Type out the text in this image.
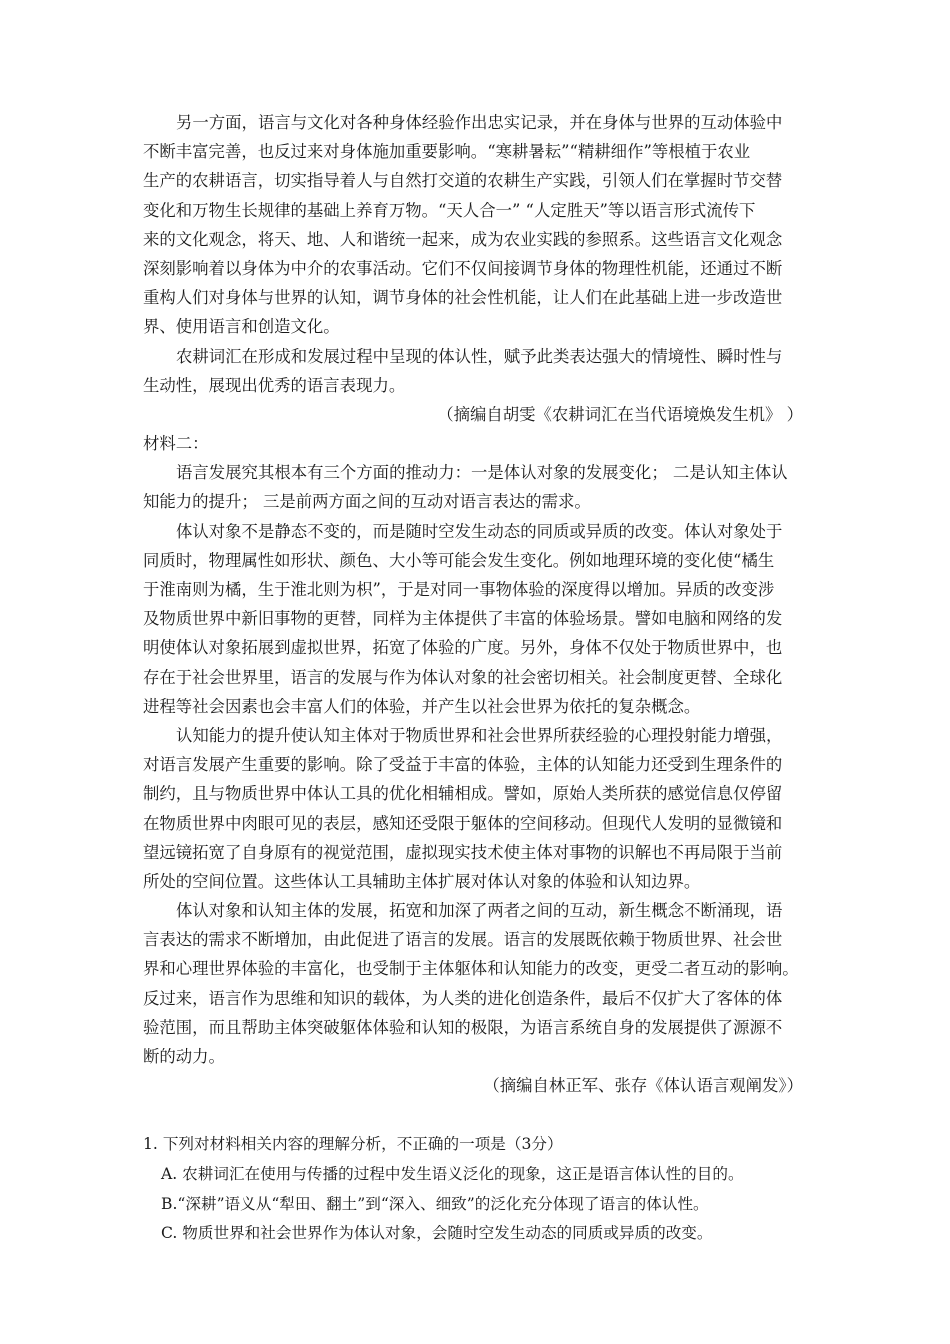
另一方面，语言与文化对各种身体经验作出忠实记录，并在身体与世界的互动体验中
不断丰富完善，也反过来对身体施加重要影响。“寒耕暑耘”“精耕细作”等根植于农业
生产的农耕语言，切实指导着人与自然打交道的农耕生产实践，引领人们在掌握时节交替
变化和万物生长规律的基础上养育万物。“天人合一” “人定胜天”等以语言形式流传下
来的文化观念，将天、地、人和谐统一起来，成为农业实践的参照系。这些语言文化观念
深刻影响着以身体为中介的农事活动。它们不仅间接调节身体的物理性机能，还通过不断
重构人们对身体与世界的认知，调节身体的社会性机能，让人们在此基础上进一步改造世
界、使用语言和创造文化。
农耕词汇在形成和发展过程中呈现的体认性，赋予此类表达强大的情境性、瞬时性与
生动性，展现出优秀的语言表现力。
（摘编自胡雯《农耕词汇在当代语境焕发生机》 ）
材料二：
语言发展究其根本有三个方面的推动力：一是体认对象的发展变化； 二是认知主体认
知能力的提升； 三是前两方面之间的互动对语言表达的需求。
体认对象不是静态不变的，而是随时空发生动态的同质或异质的改变。体认对象处于
同质时，物理属性如形状、颜色、大小等可能会发生变化。例如地理环境的变化使“橘生
于淮南则为橘，生于淮北则为枳”，于是对同一事物体验的深度得以增加。异质的改变涉
及物质世界中新旧事物的更替，同样为主体提供了丰富的体验场景。譬如电脑和网络的发
明使体认对象拓展到虚拟世界，拓宽了体验的广度。另外，身体不仅处于物质世界中，也
存在于社会世界里，语言的发展与作为体认对象的社会密切相关。社会制度更替、全球化
进程等社会因素也会丰富人们的体验，并产生以社会世界为依托的复杂概念。
认知能力的提升使认知主体对于物质世界和社会世界所获经验的心理投射能力增强，
对语言发展产生重要的影响。除了受益于丰富的体验，主体的认知能力还受到生理条件的
制约，且与物质世界中体认工具的优化相辅相成。譬如，原始人类所获的感觉信息仅停留
在物质世界中肉眼可见的表层，感知还受限于躯体的空间移动。但现代人发明的显微镜和
望远镜拓宽了自身原有的视觉范围，虚拟现实技术使主体对事物的识解也不再局限于当前
所处的空间位置。这些体认工具辅助主体扩展对体认对象的体验和认知边界。
体认对象和认知主体的发展，拓宽和加深了两者之间的互动，新生概念不断涌现，语
言表达的需求不断增加，由此促进了语言的发展。语言的发展既依赖于物质世界、社会世
界和心理世界体验的丰富化，也受制于主体躯体和认知能力的改变，更受二者互动的影响。
反过来，语言作为思维和知识的载体，为人类的进化创造条件，最后不仅扩大了客体的体
验范围，而且帮助主体突破躯体体验和认知的极限，为语言系统自身的发展提供了源源不
断的动力。
（摘编自林正军、张存《体认语言观阐发》）
1. 下列对材料相关内容的理解分析，不正确的一项是（3分）
A. 农耕词汇在使用与传播的过程中发生语义泛化的现象，这正是语言体认性的目的。
B.“深耕”语义从“犁田、翻土”到“深入、细致”的泛化充分体现了语言的体认性。
C. 物质世界和社会世界作为体认对象，会随时空发生动态的同质或异质的改变。
